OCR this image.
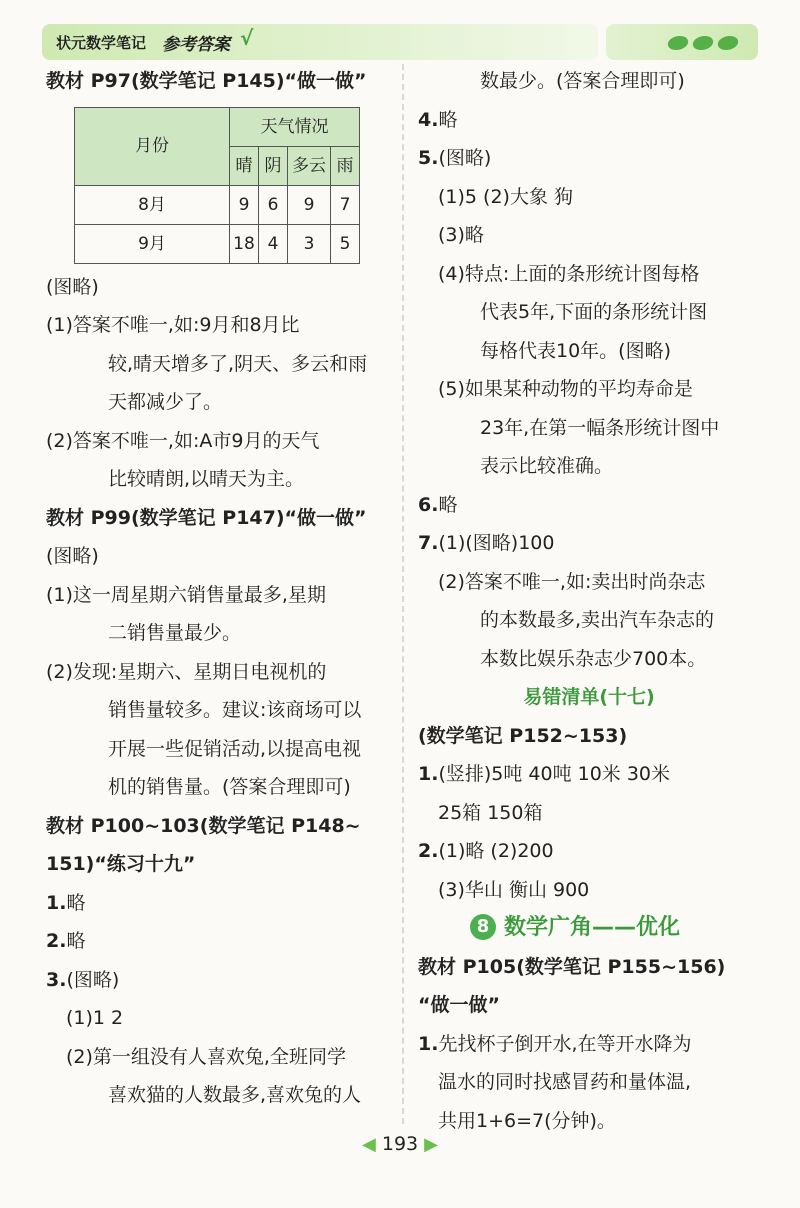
状元数学笔记 参考答案 √

教材 P97(数学笔记 P145)“做一做”

月份	天气情况			
	晴	阴	多云	雨
8月	9	6	9	7
9月	18	4	3	5

(图略)

(1)答案不唯一,如:9月和8月比

较,晴天增多了,阴天、多云和雨

天都减少了。

(2)答案不唯一,如:A市9月的天气

比较晴朗,以晴天为主。

教材 P99(数学笔记 P147)“做一做”

(图略)

(1)这一周星期六销售量最多,星期

二销售量最少。

(2)发现:星期六、星期日电视机的

销售量较多。建议:该商场可以

开展一些促销活动,以提高电视

机的销售量。(答案合理即可)

教材 P100~103(数学笔记 P148~

151)“练习十九”

1.略

2.略

3.(图略)

(1)1 2

(2)第一组没有人喜欢兔,全班同学

喜欢猫的人数最多,喜欢兔的人

数最少。(答案合理即可)

4.略

5.(图略)

(1)5 (2)大象 狗

(3)略

(4)特点:上面的条形统计图每格

代表5年,下面的条形统计图

每格代表10年。(图略)

(5)如果某种动物的平均寿命是

23年,在第一幅条形统计图中

表示比较准确。

6.略

7.(1)(图略)100

(2)答案不唯一,如:卖出时尚杂志

的本数最多,卖出汽车杂志的

本数比娱乐杂志少700本。

易错清单(十七)

(数学笔记 P152~153)

1.(竖排)5吨 40吨 10米 30米

25箱 150箱

2.(1)略 (2)200

(3)华山 衡山 900

8 数学广角——优化

教材 P105(数学笔记 P155~156)

“做一做”

1.先找杯子倒开水,在等开水降为

温水的同时找感冒药和量体温,

共用1+6=7(分钟)。

◀ 193 ▶
